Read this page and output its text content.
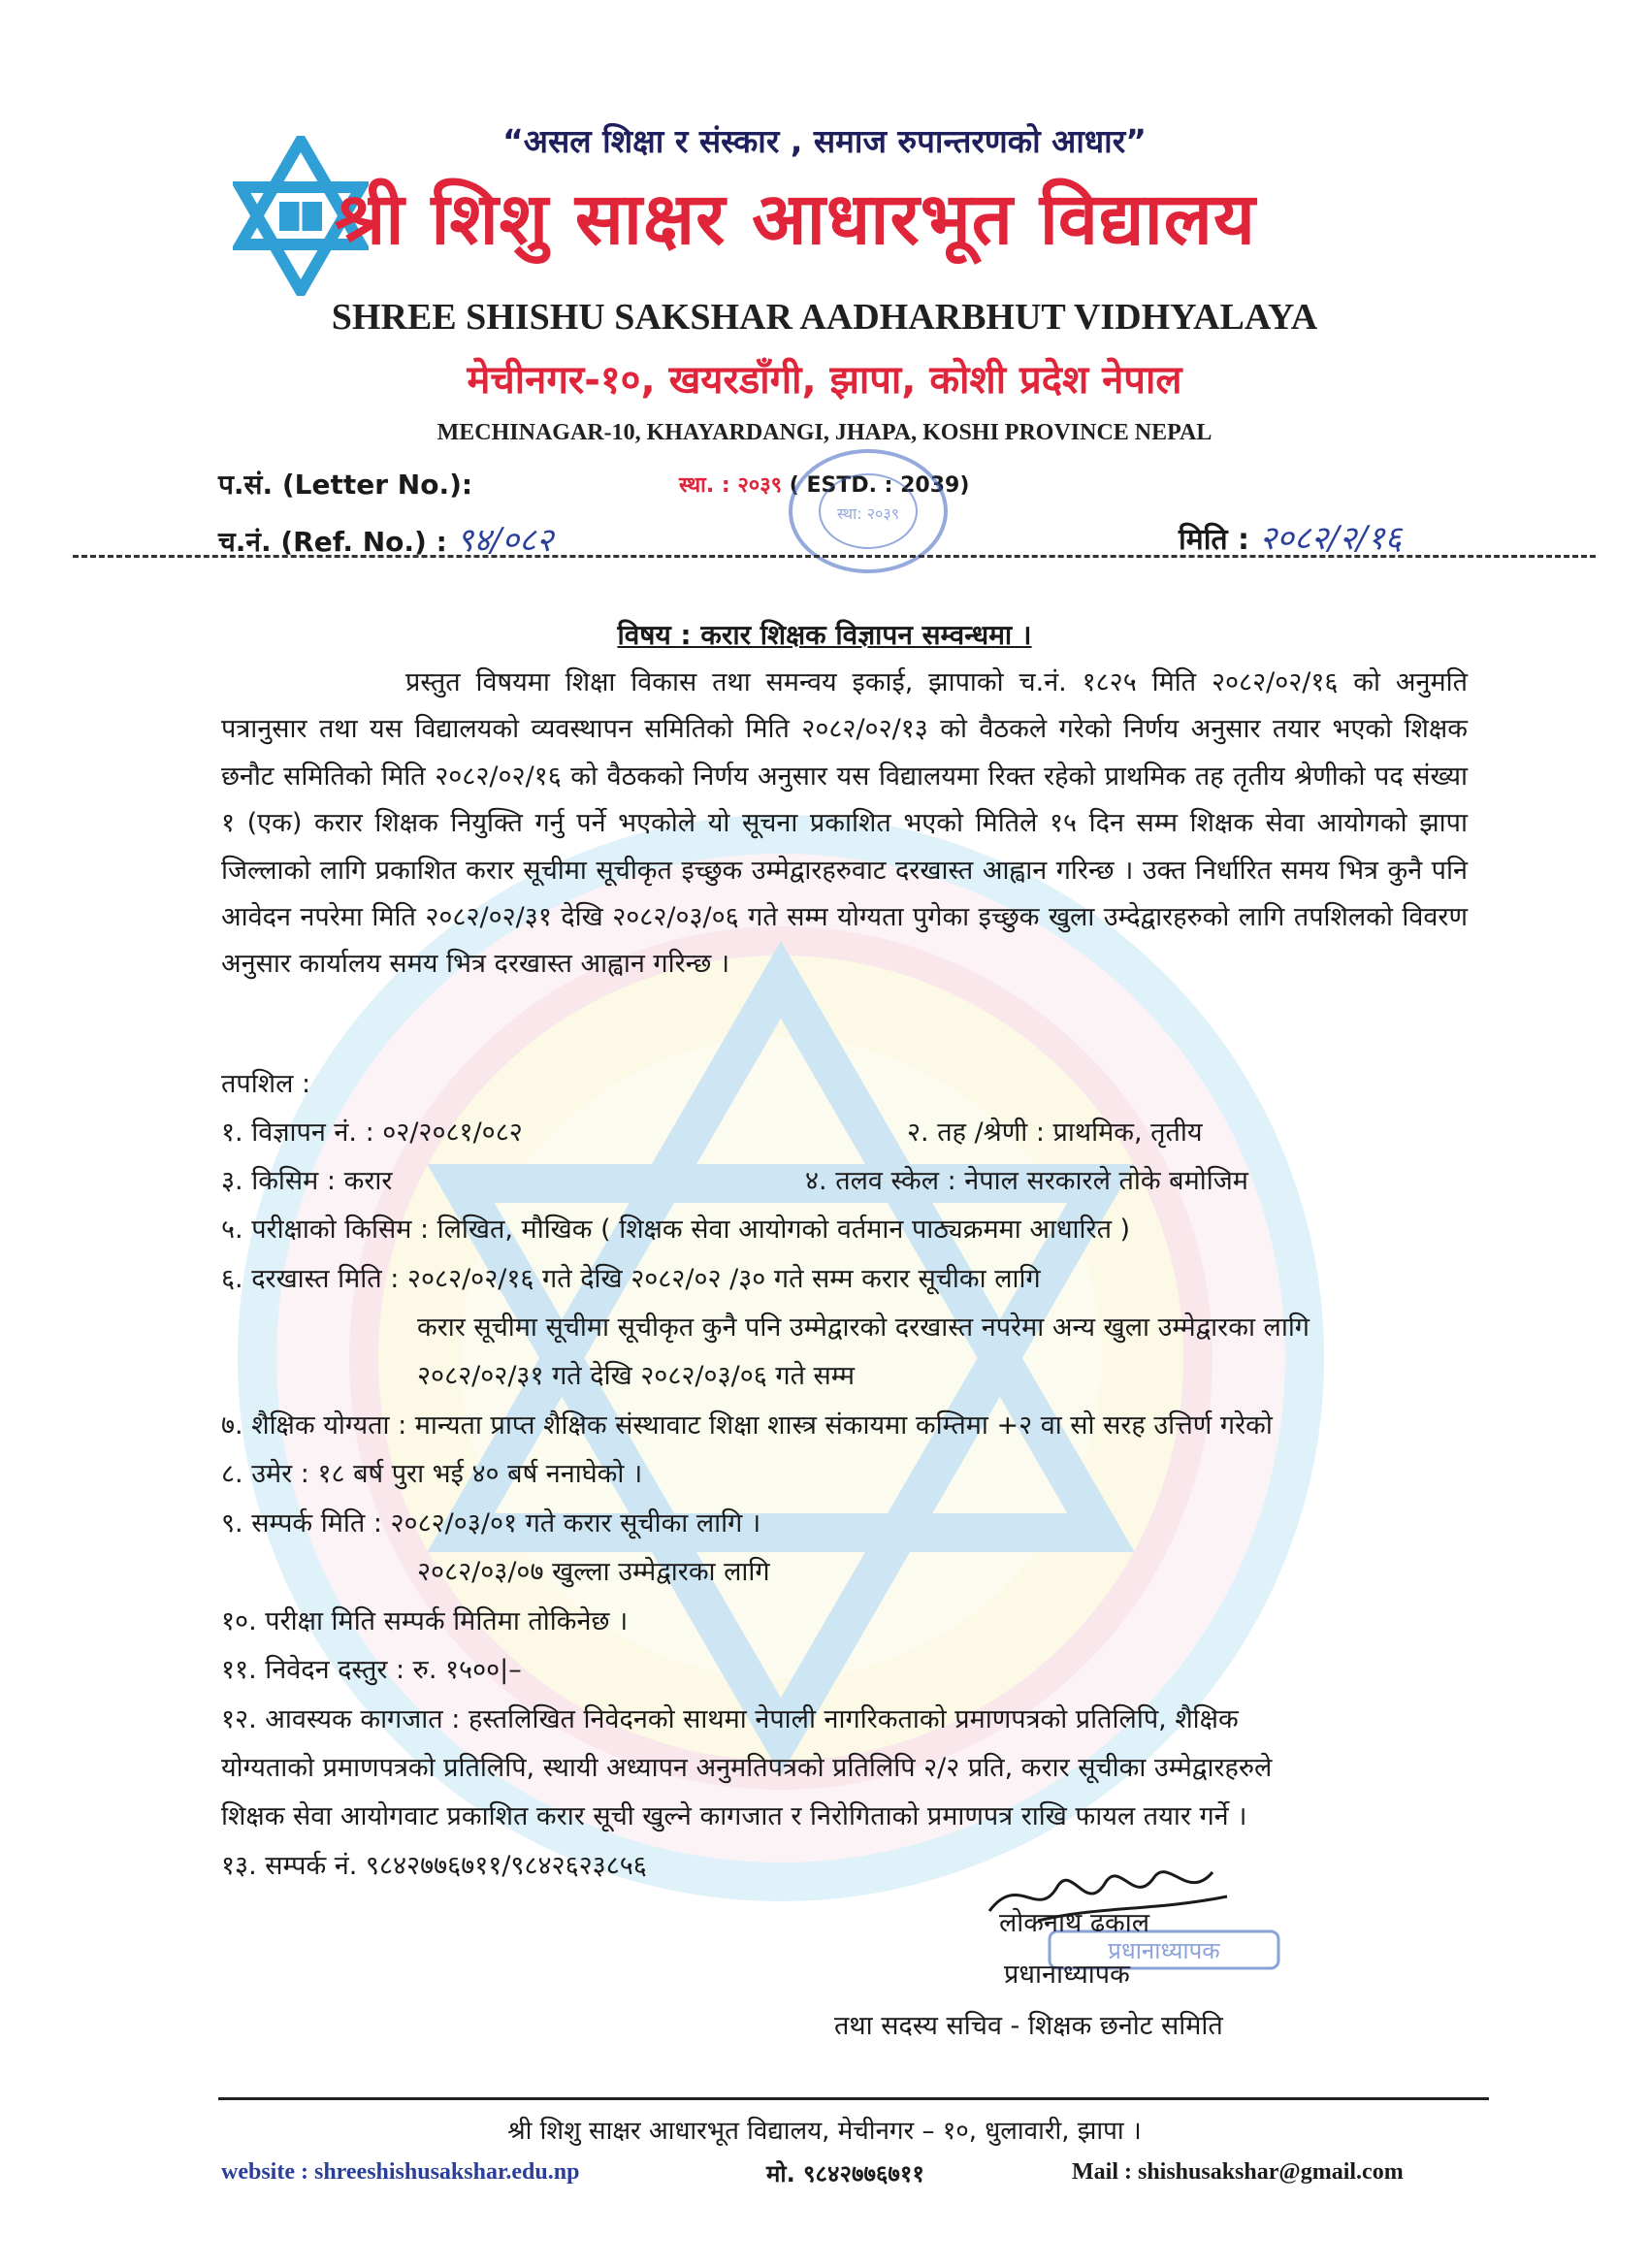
“असल शिक्षा र संस्कार , समाज रुपान्तरणको आधार”
श्री शिशु साक्षर आधारभूत विद्यालय
SHREE SHISHU SAKSHAR AADHARBHUT VIDHYALAYA
मेचीनगर-१०, खयरडाँगी, झापा, कोशी प्रदेश नेपाल
MECHINAGAR-10, KHAYARDANGI, JHAPA, KOSHI PROVINCE NEPAL
प.सं. (Letter No.):	स्था. : २०३९ ( ESTD. : 2039)
स्था: २०३९
च.नं. (Ref. No.) : ९४/०८२	मिति : २०८२/२/१६
विषय : करार शिक्षक विज्ञापन सम्वन्धमा ।
प्रस्तुत विषयमा शिक्षा विकास तथा समन्वय इकाई, झापाको च.नं. १८२५ मिति २०८२/०२/१६ को अनुमति पत्रानुसार तथा यस विद्यालयको व्यवस्थापन समितिको मिति २०८२/०२/१३ को वैठकले गरेको निर्णय अनुसार तयार भएको शिक्षक छनौट समितिको मिति २०८२/०२/१६ को वैठकको निर्णय अनुसार यस विद्यालयमा रिक्त रहेको प्राथमिक तह तृतीय श्रेणीको पद संख्या १ (एक) करार शिक्षक नियुक्ति गर्नु पर्ने भएकोले यो सूचना प्रकाशित भएको मितिले १५ दिन सम्म शिक्षक सेवा आयोगको झापा जिल्लाको लागि प्रकाशित करार सूचीमा सूचीकृत इच्छुक उम्मेद्वारहरुवाट दरखास्त आह्वान गरिन्छ । उक्त निर्धारित समय भित्र कुनै पनि आवेदन नपरेमा मिति २०८२/०२/३१ देखि २०८२/०३/०६ गते सम्म योग्यता पुगेका इच्छुक खुला उम्देद्वारहरुको लागि तपशिलको विवरण अनुसार कार्यालय समय भित्र दरखास्त आह्वान गरिन्छ ।
तपशिल :
१. विज्ञापन नं. : ०२/२०८१/०८२	२. तह /श्रेणी : प्राथमिक, तृतीय
३. किसिम : करार	४. तलव स्केल : नेपाल सरकारले तोके बमोजिम
५. परीक्षाको किसिम : लिखित, मौखिक ( शिक्षक सेवा आयोगको वर्तमान पाठ्यक्रममा आधारित )
६. दरखास्त मिति : २०८२/०२/१६ गते देखि २०८२/०२ /३० गते सम्म करार सूचीका लागि
करार सूचीमा सूचीमा सूचीकृत कुनै पनि उम्मेद्वारको दरखास्त नपरेमा अन्य खुला उम्मेद्वारका लागि
२०८२/०२/३१ गते देखि २०८२/०३/०६ गते सम्म
७. शैक्षिक योग्यता : मान्यता प्राप्त शैक्षिक संस्थावाट शिक्षा शास्त्र संकायमा कम्तिमा +२ वा सो सरह उत्तिर्ण गरेको
८. उमेर : १८ बर्ष पुरा भई ४० बर्ष ननाघेको ।
९. सम्पर्क मिति : २०८२/०३/०१ गते करार सूचीका लागि ।
२०८२/०३/०७ खुल्ला उम्मेद्वारका लागि
१०. परीक्षा मिति सम्पर्क मितिमा तोकिनेछ ।
११. निवेदन दस्तुर : रु. १५००|–
१२. आवस्यक कागजात : हस्तलिखित निवेदनको साथमा नेपाली नागरिकताको प्रमाणपत्रको प्रतिलिपि, शैक्षिक
योग्यताको प्रमाणपत्रको प्रतिलिपि, स्थायी अध्यापन अनुमतिपत्रको प्रतिलिपि २/२ प्रति, करार सूचीका उम्मेद्वारहरुले
शिक्षक सेवा आयोगवाट प्रकाशित करार सूची खुल्ने कागजात र निरोगिताको प्रमाणपत्र राखि फायल तयार गर्ने ।
१३. सम्पर्क नं. ९८४२७७६७११/९८४२६२३८५६
प्रधानाध्यापक
लोकनाथ ढकाल
प्रधानाध्यापक
तथा सदस्य सचिव - शिक्षक छनोट समिति
श्री शिशु साक्षर आधारभूत विद्यालय, मेचीनगर – १०, धुलावारी, झापा ।
website : shreeshishusakshar.edu.np	मो. ९८४२७७६७११	Mail : shishusakshar@gmail.com
